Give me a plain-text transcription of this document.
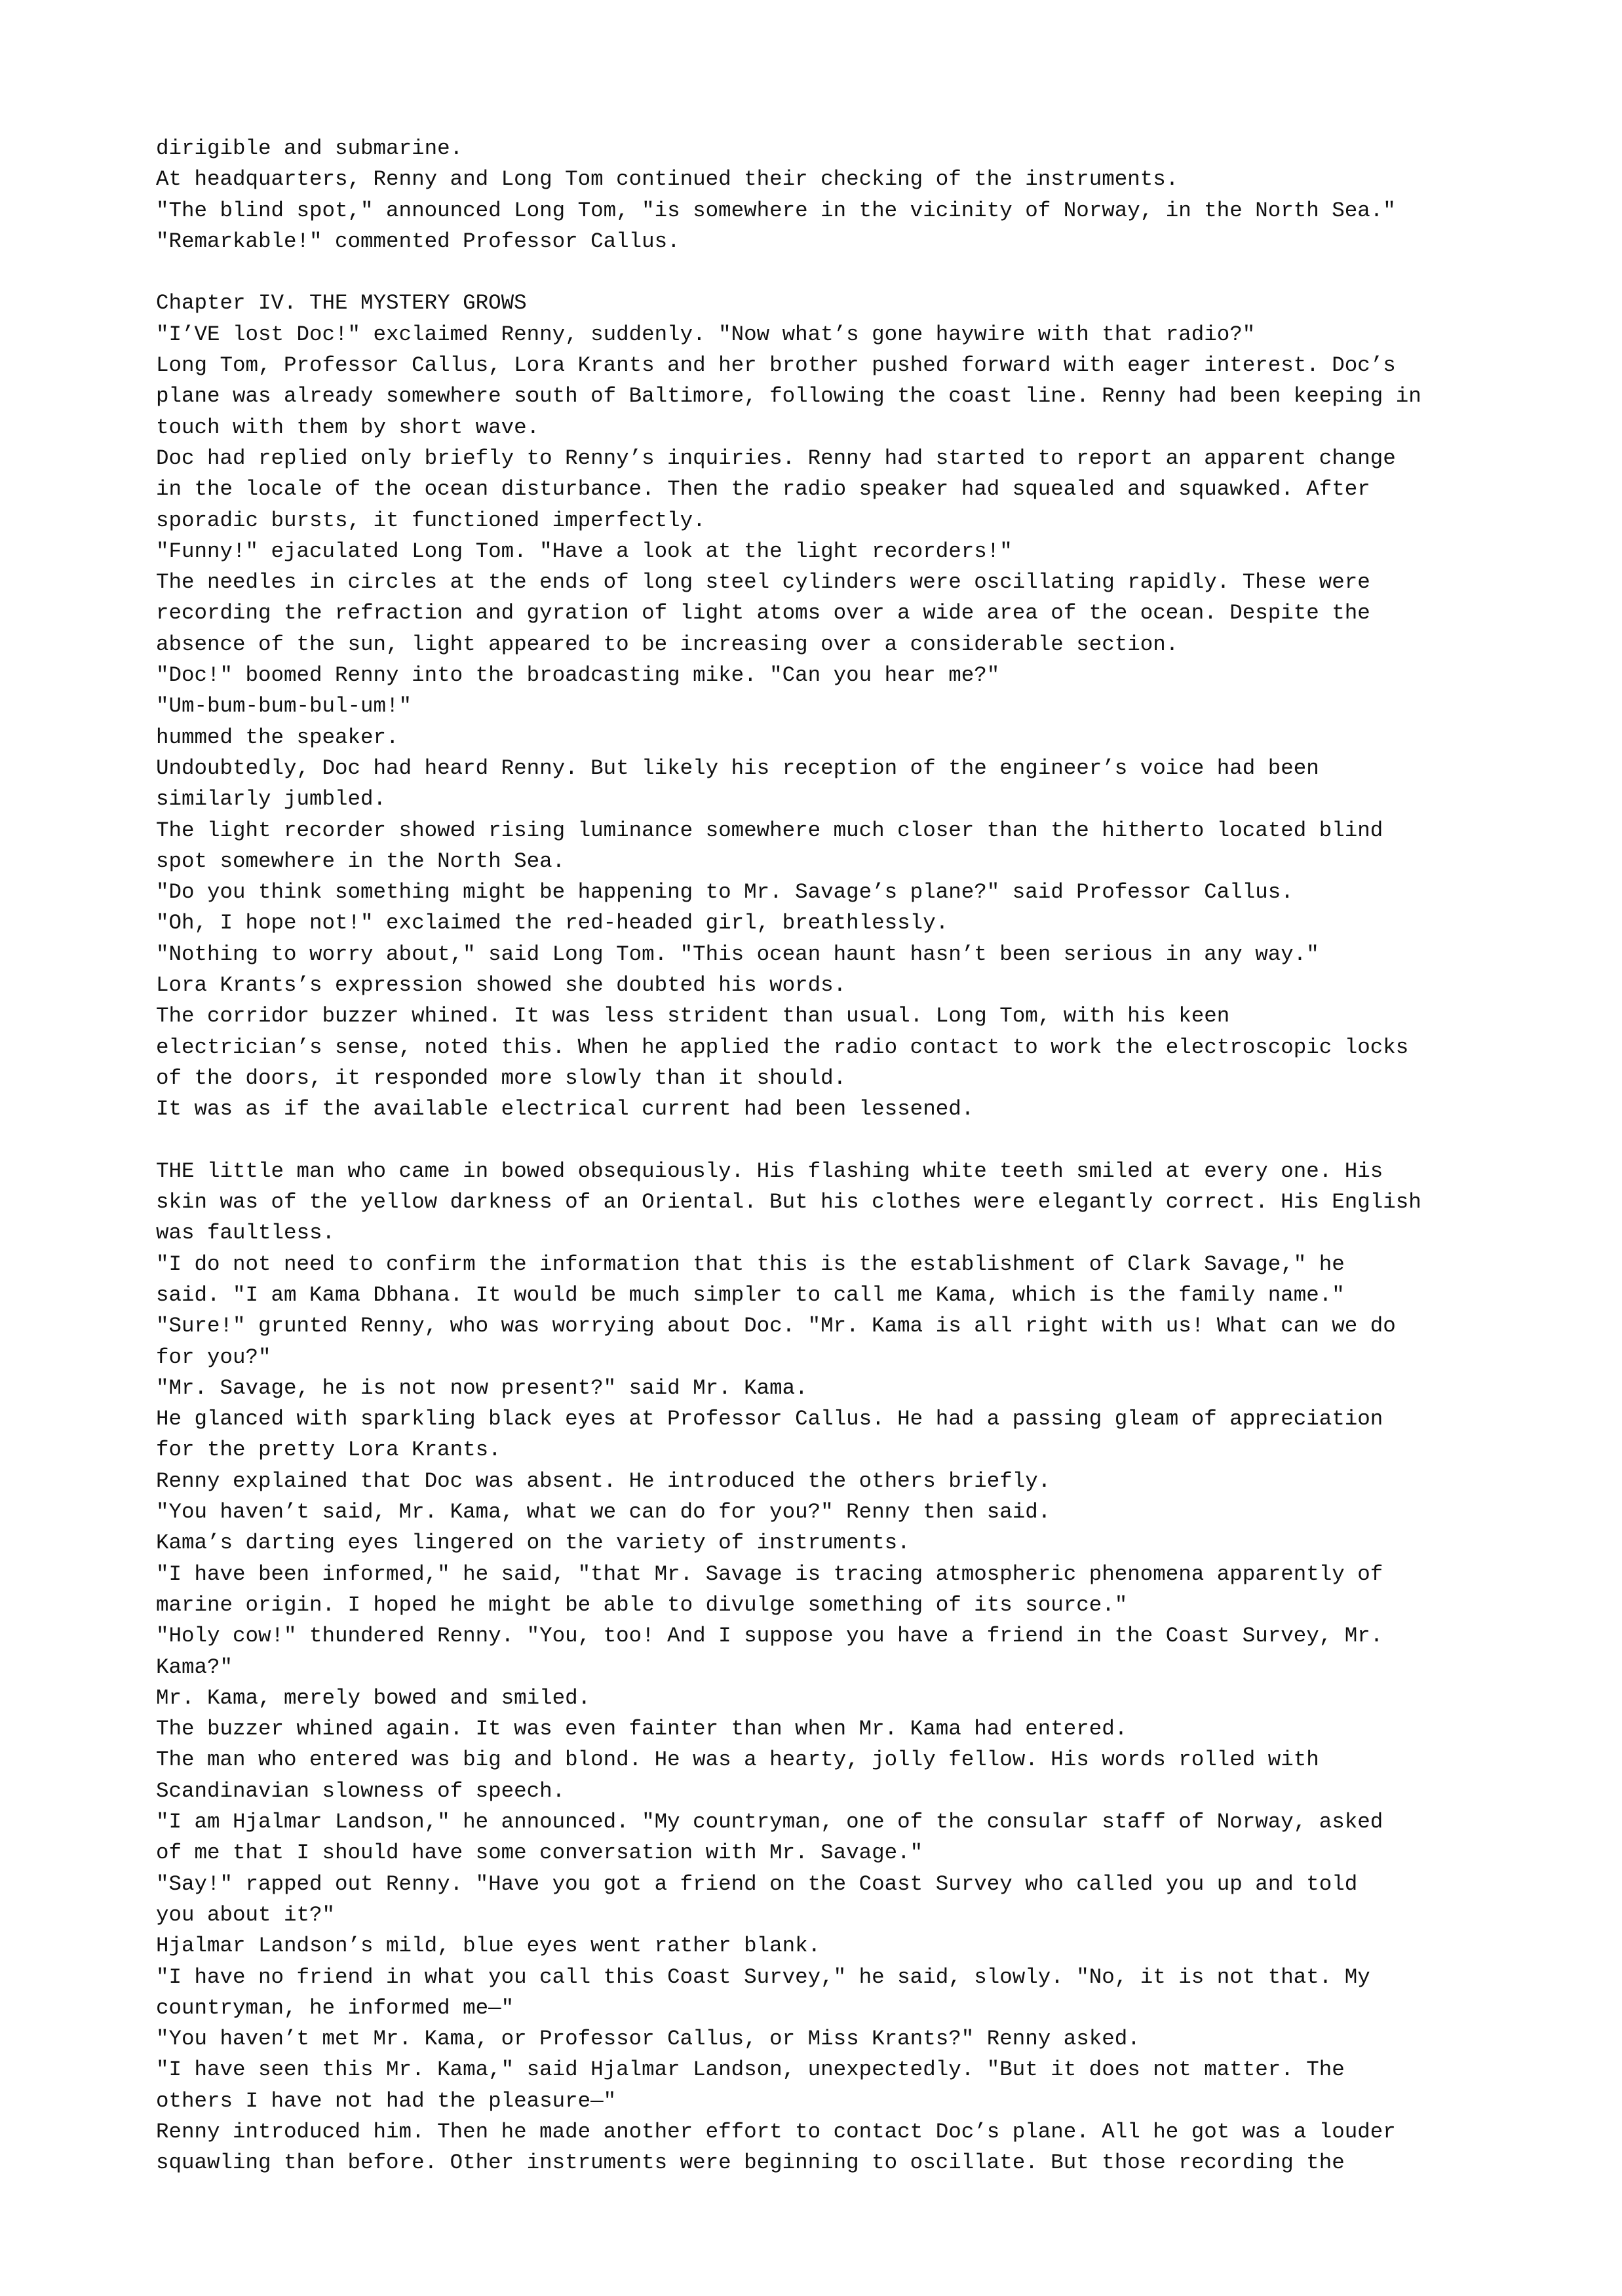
dirigible and submarine.
At headquarters, Renny and Long Tom continued their checking of the instruments.
"The blind spot," announced Long Tom, "is somewhere in the vicinity of Norway, in the North Sea."
"Remarkable!" commented Professor Callus.
Chapter IV. THE MYSTERY GROWS
"I’VE lost Doc!" exclaimed Renny, suddenly. "Now what’s gone haywire with that radio?"
Long Tom, Professor Callus, Lora Krants and her brother pushed forward with eager interest. Doc’s
plane was already somewhere south of Baltimore, following the coast line. Renny had been keeping in
touch with them by short wave.
Doc had replied only briefly to Renny’s inquiries. Renny had started to report an apparent change
in the locale of the ocean disturbance. Then the radio speaker had squealed and squawked. After
sporadic bursts, it functioned imperfectly.
"Funny!" ejaculated Long Tom. "Have a look at the light recorders!"
The needles in circles at the ends of long steel cylinders were oscillating rapidly. These were
recording the refraction and gyration of light atoms over a wide area of the ocean. Despite the
absence of the sun, light appeared to be increasing over a considerable section.
"Doc!" boomed Renny into the broadcasting mike. "Can you hear me?"
"Um-bum-bum-bul-um!"
hummed the speaker.
Undoubtedly, Doc had heard Renny. But likely his reception of the engineer’s voice had been
similarly jumbled.
The light recorder showed rising luminance somewhere much closer than the hitherto located blind
spot somewhere in the North Sea.
"Do you think something might be happening to Mr. Savage’s plane?" said Professor Callus.
"Oh, I hope not!" exclaimed the red-headed girl, breathlessly.
"Nothing to worry about," said Long Tom. "This ocean haunt hasn’t been serious in any way."
Lora Krants’s expression showed she doubted his words.
The corridor buzzer whined. It was less strident than usual. Long Tom, with his keen
electrician’s sense, noted this. When he applied the radio contact to work the electroscopic locks
of the doors, it responded more slowly than it should.
It was as if the available electrical current had been lessened.
THE little man who came in bowed obsequiously. His flashing white teeth smiled at every one. His
skin was of the yellow darkness of an Oriental. But his clothes were elegantly correct. His English
was faultless.
"I do not need to confirm the information that this is the establishment of Clark Savage," he
said. "I am Kama Dbhana. It would be much simpler to call me Kama, which is the family name."
"Sure!" grunted Renny, who was worrying about Doc. "Mr. Kama is all right with us! What can we do
for you?"
"Mr. Savage, he is not now present?" said Mr. Kama.
He glanced with sparkling black eyes at Professor Callus. He had a passing gleam of appreciation
for the pretty Lora Krants.
Renny explained that Doc was absent. He introduced the others briefly.
"You haven’t said, Mr. Kama, what we can do for you?" Renny then said.
Kama’s darting eyes lingered on the variety of instruments.
"I have been informed," he said, "that Mr. Savage is tracing atmospheric phenomena apparently of
marine origin. I hoped he might be able to divulge something of its source."
"Holy cow!" thundered Renny. "You, too! And I suppose you have a friend in the Coast Survey, Mr.
Kama?"
Mr. Kama, merely bowed and smiled.
The buzzer whined again. It was even fainter than when Mr. Kama had entered.
The man who entered was big and blond. He was a hearty, jolly fellow. His words rolled with
Scandinavian slowness of speech.
"I am Hjalmar Landson," he announced. "My countryman, one of the consular staff of Norway, asked
of me that I should have some conversation with Mr. Savage."
"Say!" rapped out Renny. "Have you got a friend on the Coast Survey who called you up and told
you about it?"
Hjalmar Landson’s mild, blue eyes went rather blank.
"I have no friend in what you call this Coast Survey," he said, slowly. "No, it is not that. My
countryman, he informed me—"
"You haven’t met Mr. Kama, or Professor Callus, or Miss Krants?" Renny asked.
"I have seen this Mr. Kama," said Hjalmar Landson, unexpectedly. "But it does not matter. The
others I have not had the pleasure—"
Renny introduced him. Then he made another effort to contact Doc’s plane. All he got was a louder
squawling than before. Other instruments were beginning to oscillate. But those recording the
